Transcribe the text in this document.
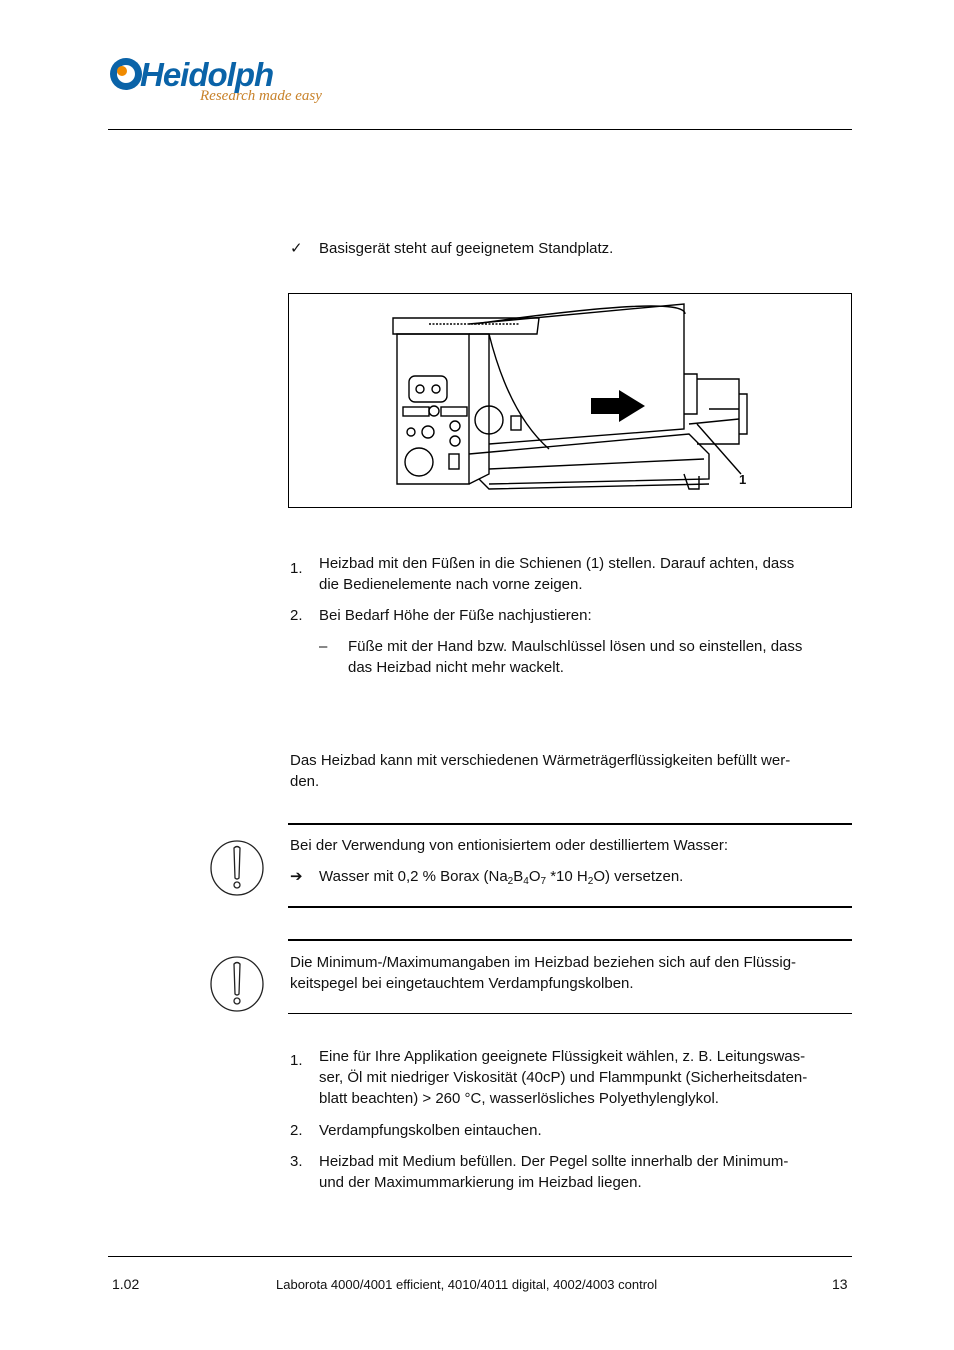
Heidolph
Research made easy
✓ Basisgerät steht auf geeignetem Standplatz.
1
1.	Heizbad mit den Füßen in die Schienen (1) stellen. Darauf achten, dass
die Bedienelemente nach vorne zeigen.
2.	Bei Bedarf Höhe der Füße nachjustieren:
– Füße mit der Hand bzw. Maulschlüssel lösen und so einstellen, dass
das Heizbad nicht mehr wackelt.
Das Heizbad kann mit verschiedenen Wärmeträgerflüssigkeiten befüllt wer-
den.
Bei der Verwendung von entionisiertem oder destilliertem Wasser:
➔ Wasser mit 0,2 % Borax ($Na_2B_4O_7$ *10 $H_2O$) versetzen.
Die Minimum-/Maximumangaben im Heizbad beziehen sich auf den Flüssig-
keitspegel bei eingetauchtem Verdampfungskolben.
1.	Eine für Ihre Applikation geeignete Flüssigkeit wählen, z. B. Leitungswas-
ser, Öl mit niedriger Viskosität (40cP) und Flammpunkt (Sicherheitsdaten-
blatt beachten) > 260 °C, wasserlösliches Polyethylenglykol.
2.	Verdampfungskolben eintauchen.
3.	Heizbad mit Medium befüllen. Der Pegel sollte innerhalb der Minimum-
und der Maximummarkierung im Heizbad liegen.
1.02	Laborota 4000/4001 efficient, 4010/4011 digital, 4002/4003 control	13
